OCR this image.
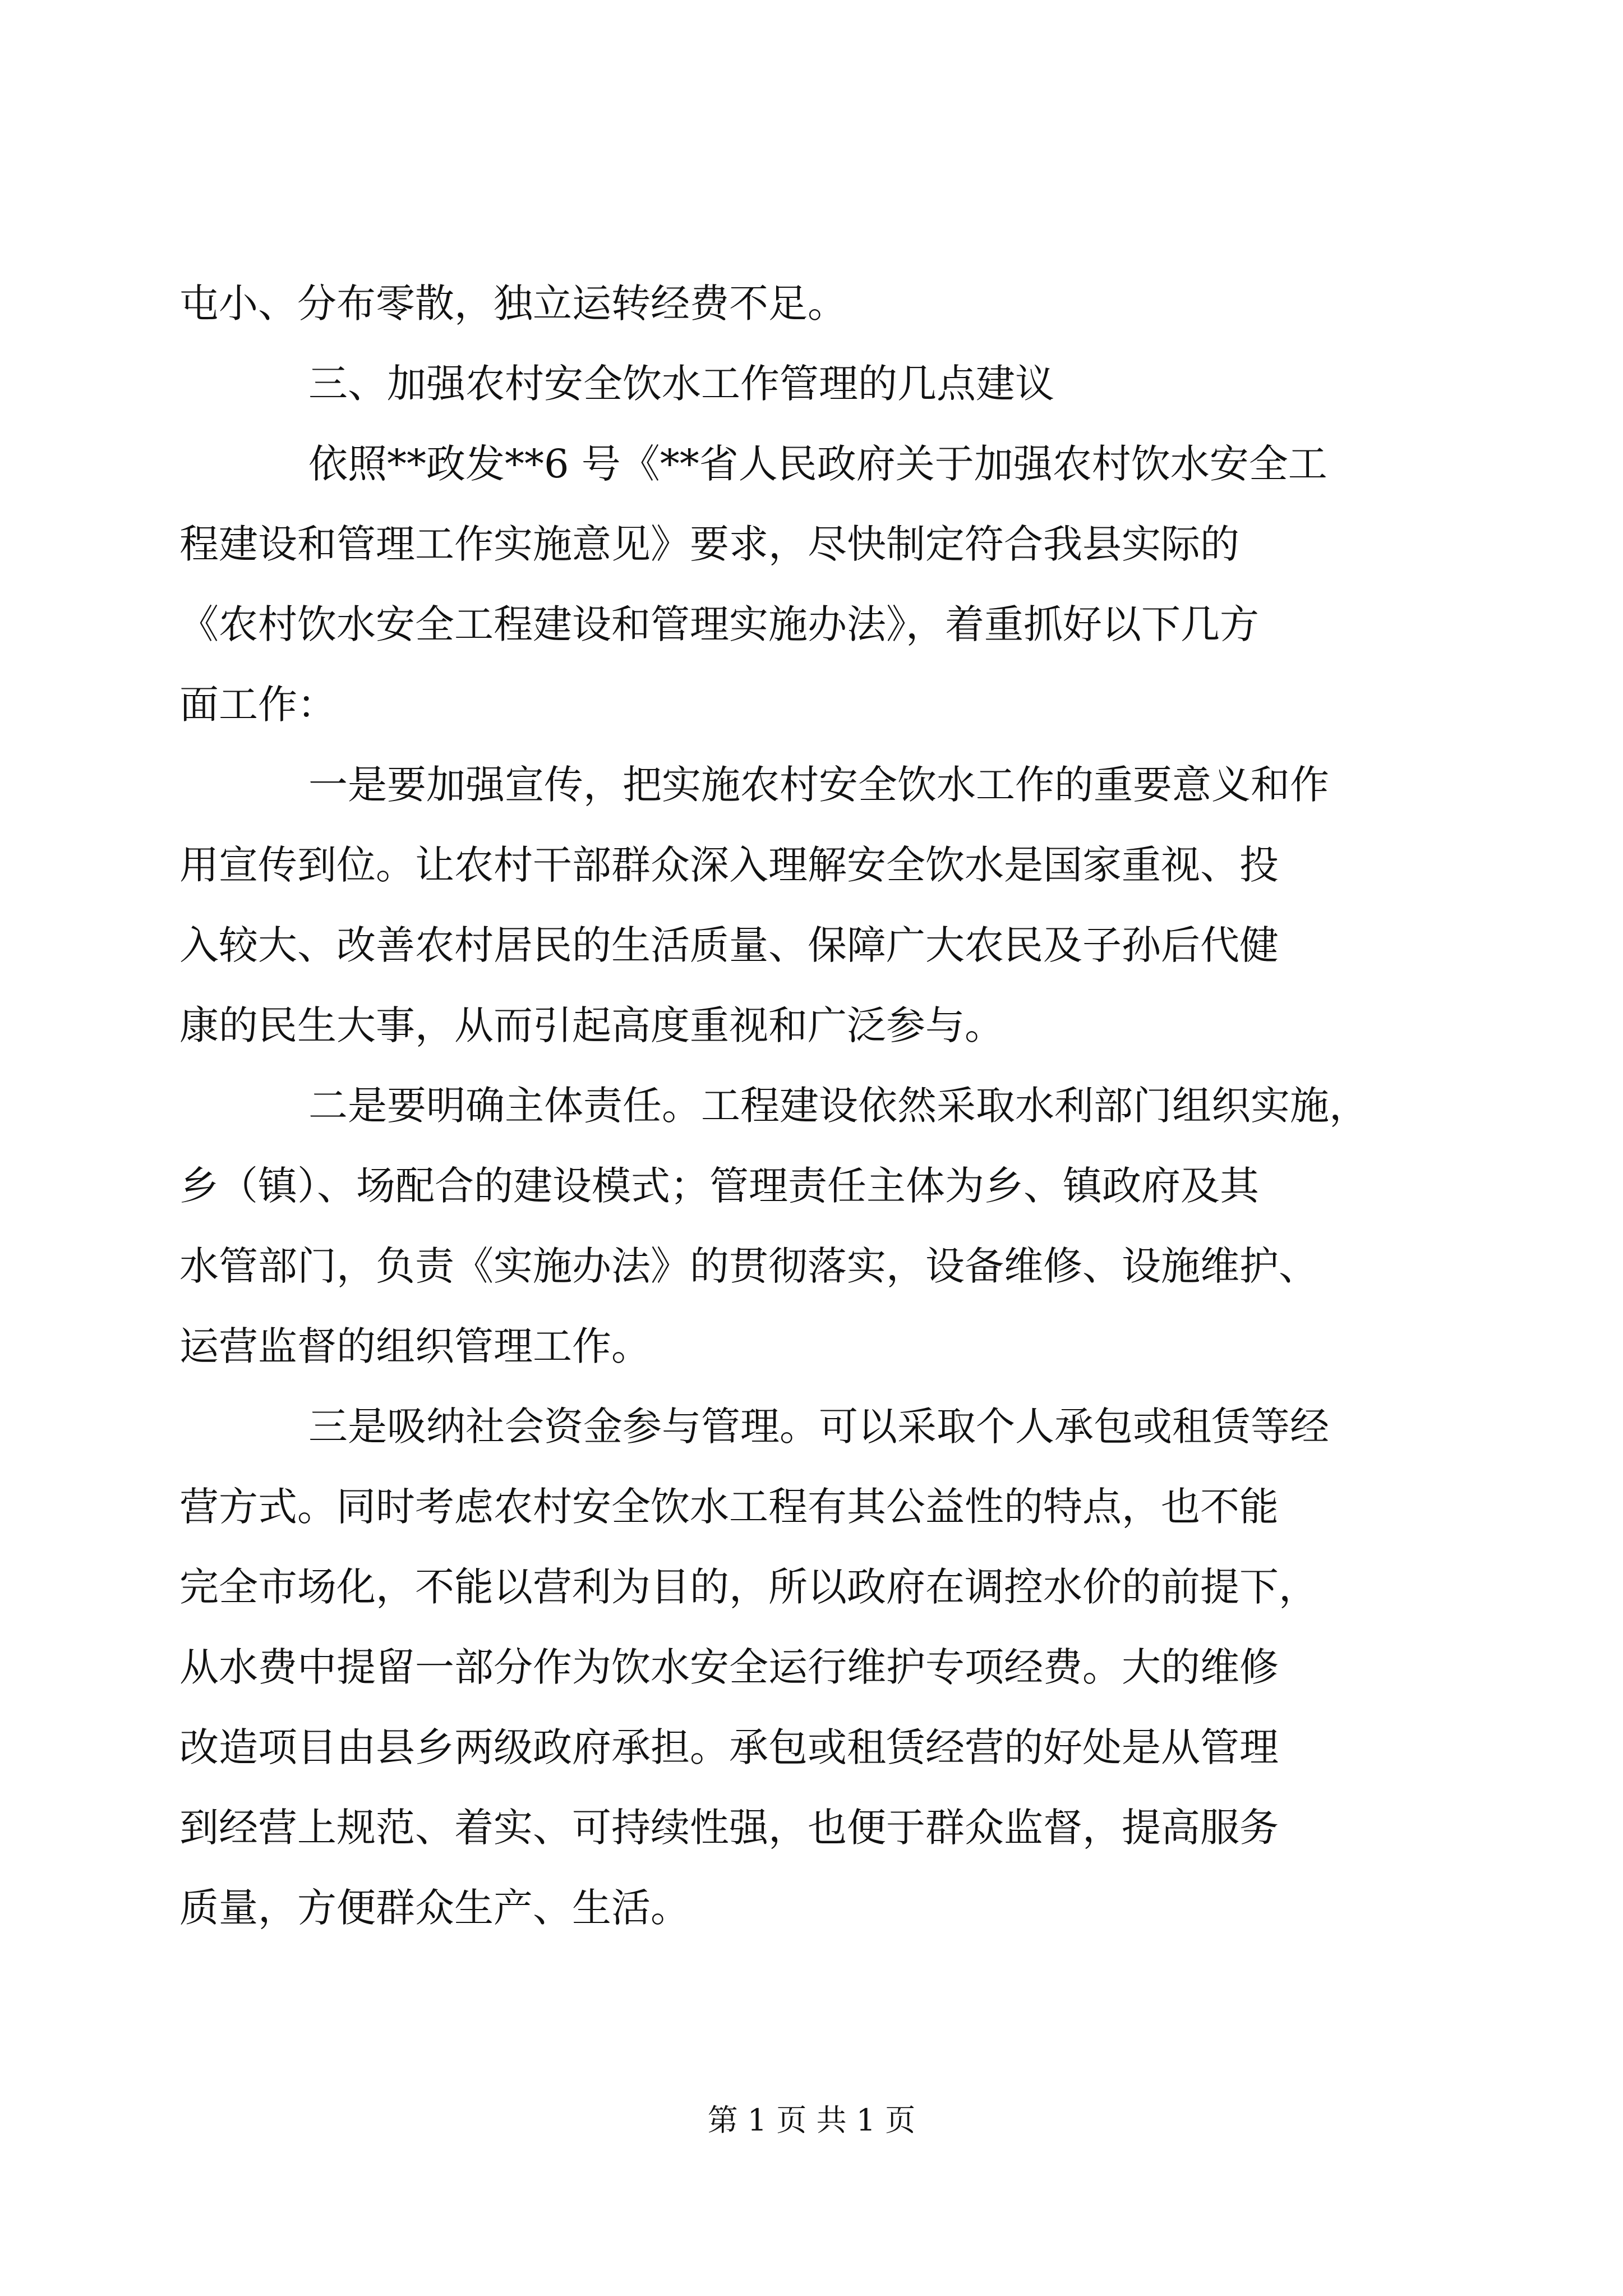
屯小、分布零散，独立运转经费不足。
三、加强农村安全饮水工作管理的几点建议
依照**政发**6 号《**省人民政府关于加强农村饮水安全工
程建设和管理工作实施意见》要求，尽快制定符合我县实际的
《农村饮水安全工程建设和管理实施办法》，着重抓好以下几方
面工作：
一是要加强宣传，把实施农村安全饮水工作的重要意义和作
用宣传到位。让农村干部群众深入理解安全饮水是国家重视、投
入较大、改善农村居民的生活质量、保障广大农民及子孙后代健
康的民生大事，从而引起高度重视和广泛参与。
二是要明确主体责任。工程建设依然采取水利部门组织实施，
乡（镇）、场配合的建设模式；管理责任主体为乡、镇政府及其
水管部门，负责《实施办法》的贯彻落实，设备维修、设施维护、
运营监督的组织管理工作。
三是吸纳社会资金参与管理。可以采取个人承包或租赁等经
营方式。同时考虑农村安全饮水工程有其公益性的特点，也不能
完全市场化，不能以营利为目的，所以政府在调控水价的前提下，
从水费中提留一部分作为饮水安全运行维护专项经费。大的维修
改造项目由县乡两级政府承担。承包或租赁经营的好处是从管理
到经营上规范、着实、可持续性强，也便于群众监督，提高服务
质量，方便群众生产、生活。
第 1 页 共 1 页
